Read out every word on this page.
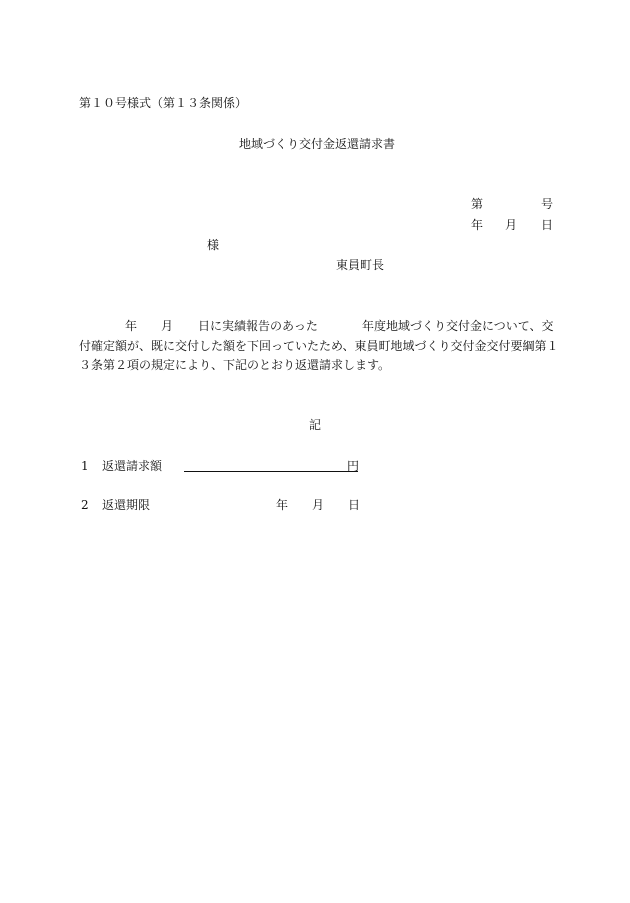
第１０号様式（第１３条関係）
地域づくり交付金返還請求書
第	号
年 月 日
様
東員町長
年 月 日に実績報告のあった	年度地域づくり交付金について、交
付確定額が、既に交付した額を下回っていたため、東員町地域づくり交付金交付要綱第１
３条第２項の規定により、下記のとおり返還請求します。
記
1 返還請求額	円
2 返還期限	年 月 日
